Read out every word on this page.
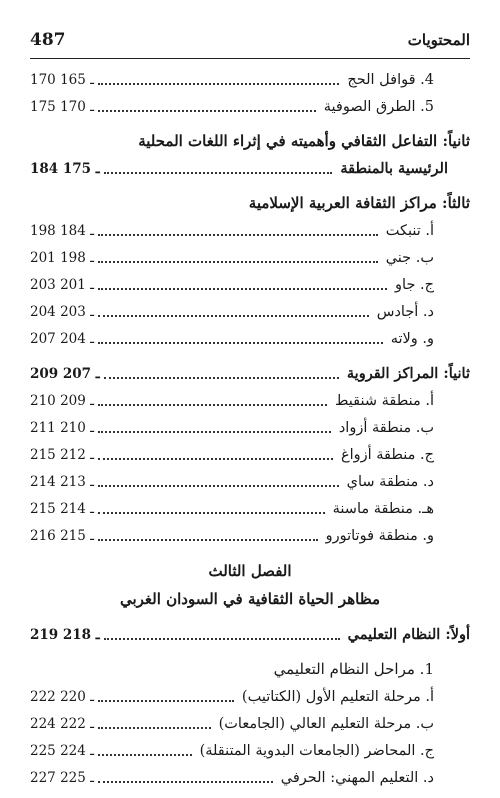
487	المحتويات
4. قوافل الحج
170 ـ 165
5. الطرق الصوفية
175 ـ 170
ثانياً: التفاعل الثقافي وأهميته في إثراء اللغات المحلية
الرئيسية بالمنطقة
184 ـ 175
ثالثاً: مراكز الثقافة العربية الإسلامية
أ. تنبكت
198 ـ 184
ب. جني
201 ـ 198
ج. جاو
203 ـ 201
د. أجادس
204 ـ 203
و. ولاته
207 ـ 204
ثانياً: المراكز القروية
209 ـ 207
أ. منطقة شنقيط
210 ـ 209
ب. منطقة أزواد
211 ـ 210
ج. منطقة أزواغ
215 ـ 212
د. منطقة ساي
214 ـ 213
هـ. منطقة ماسنة
215 ـ 214
و. منطقة فوتاتورو
216 ـ 215
الفصل الثالث
مظاهر الحياة الثقافية في السودان الغربي
أولاً: النظام التعليمي
219 ـ 218
1. مراحل النظام التعليمي
أ. مرحلة التعليم الأول (الكتاتيب)
222 ـ 220
ب. مرحلة التعليم العالي (الجامعات)
224 ـ 222
ج. المحاضر (الجامعات البدوية المتنقلة)
225 ـ 224
د. التعليم المهني: الحرفي
227 ـ 225
